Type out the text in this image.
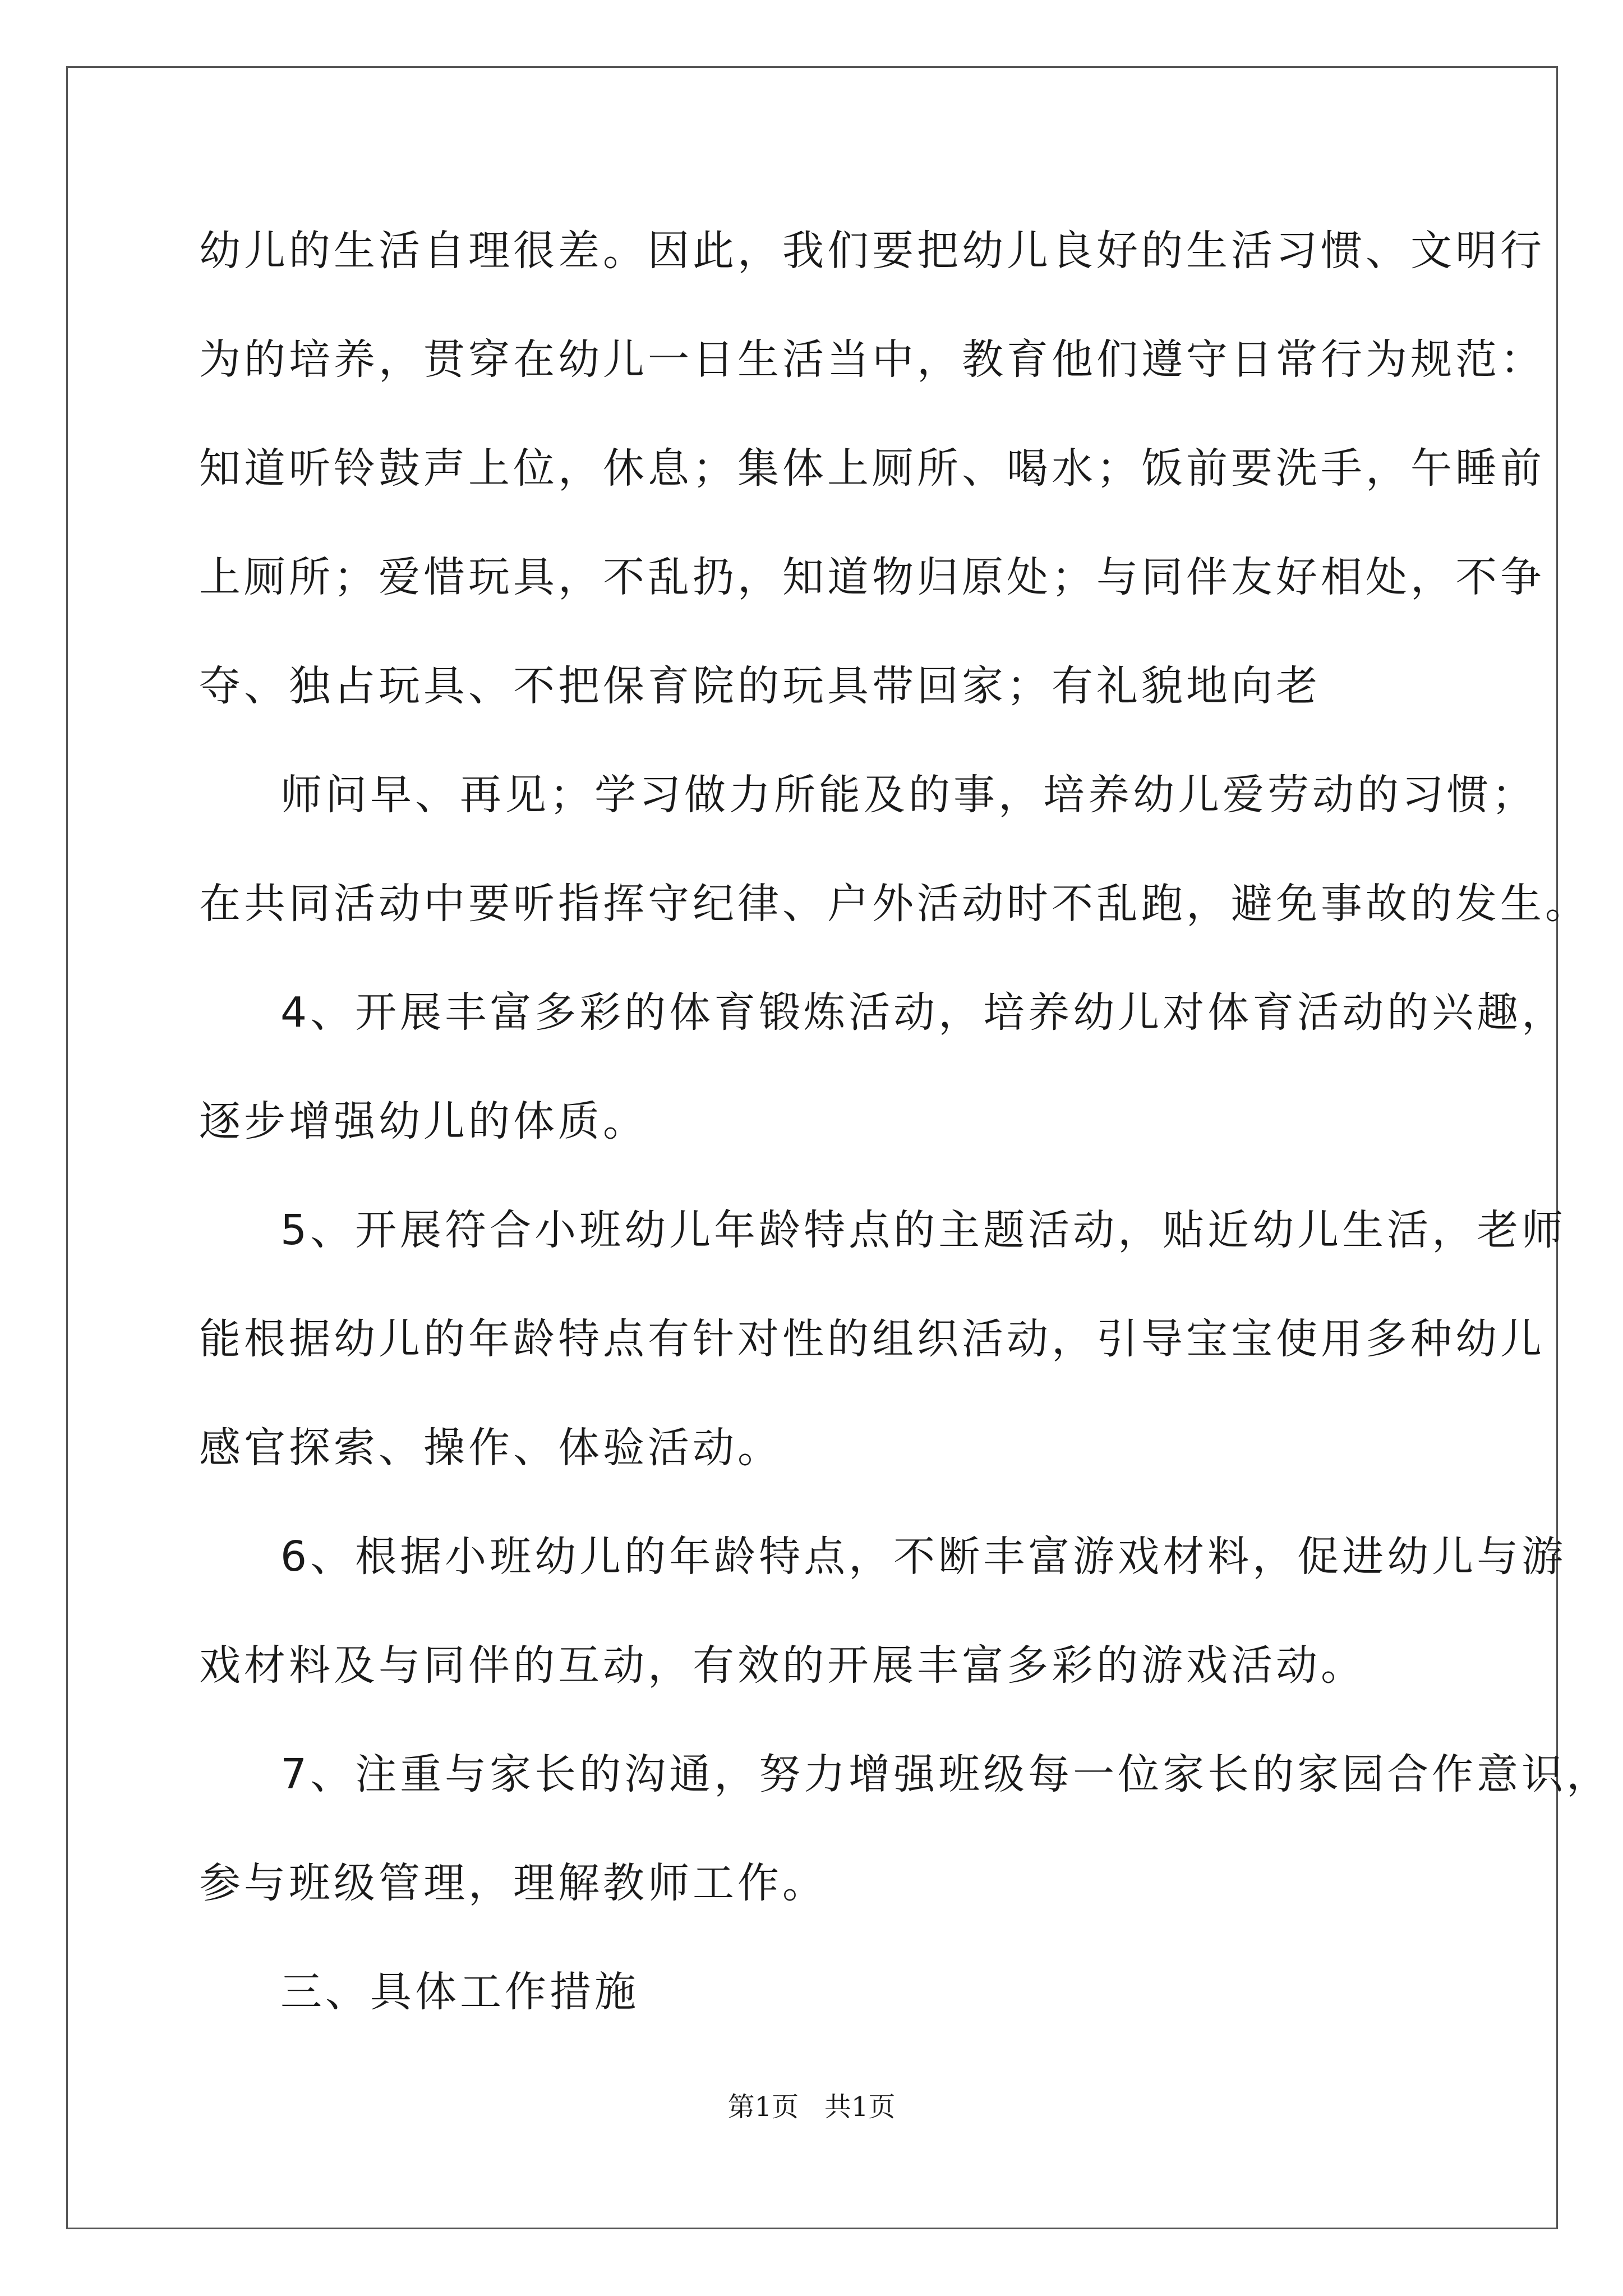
幼儿的生活自理很差。因此，我们要把幼儿良好的生活习惯、文明行
为的培养，贯穿在幼儿一日生活当中，教育他们遵守日常行为规范：
知道听铃鼓声上位，休息；集体上厕所、喝水；饭前要洗手，午睡前
上厕所；爱惜玩具，不乱扔，知道物归原处；与同伴友好相处，不争
夺、独占玩具、不把保育院的玩具带回家；有礼貌地向老
师问早、再见；学习做力所能及的事，培养幼儿爱劳动的习惯；
在共同活动中要听指挥守纪律、户外活动时不乱跑，避免事故的发生。
4、开展丰富多彩的体育锻炼活动，培养幼儿对体育活动的兴趣，
逐步增强幼儿的体质。
5、开展符合小班幼儿年龄特点的主题活动，贴近幼儿生活，老师
能根据幼儿的年龄特点有针对性的组织活动，引导宝宝使用多种幼儿
感官探索、操作、体验活动。
6、根据小班幼儿的年龄特点，不断丰富游戏材料，促进幼儿与游
戏材料及与同伴的互动，有效的开展丰富多彩的游戏活动。
7、注重与家长的沟通，努力增强班级每一位家长的家园合作意识，
参与班级管理，理解教师工作。
三、具体工作措施
第1页   共1页
